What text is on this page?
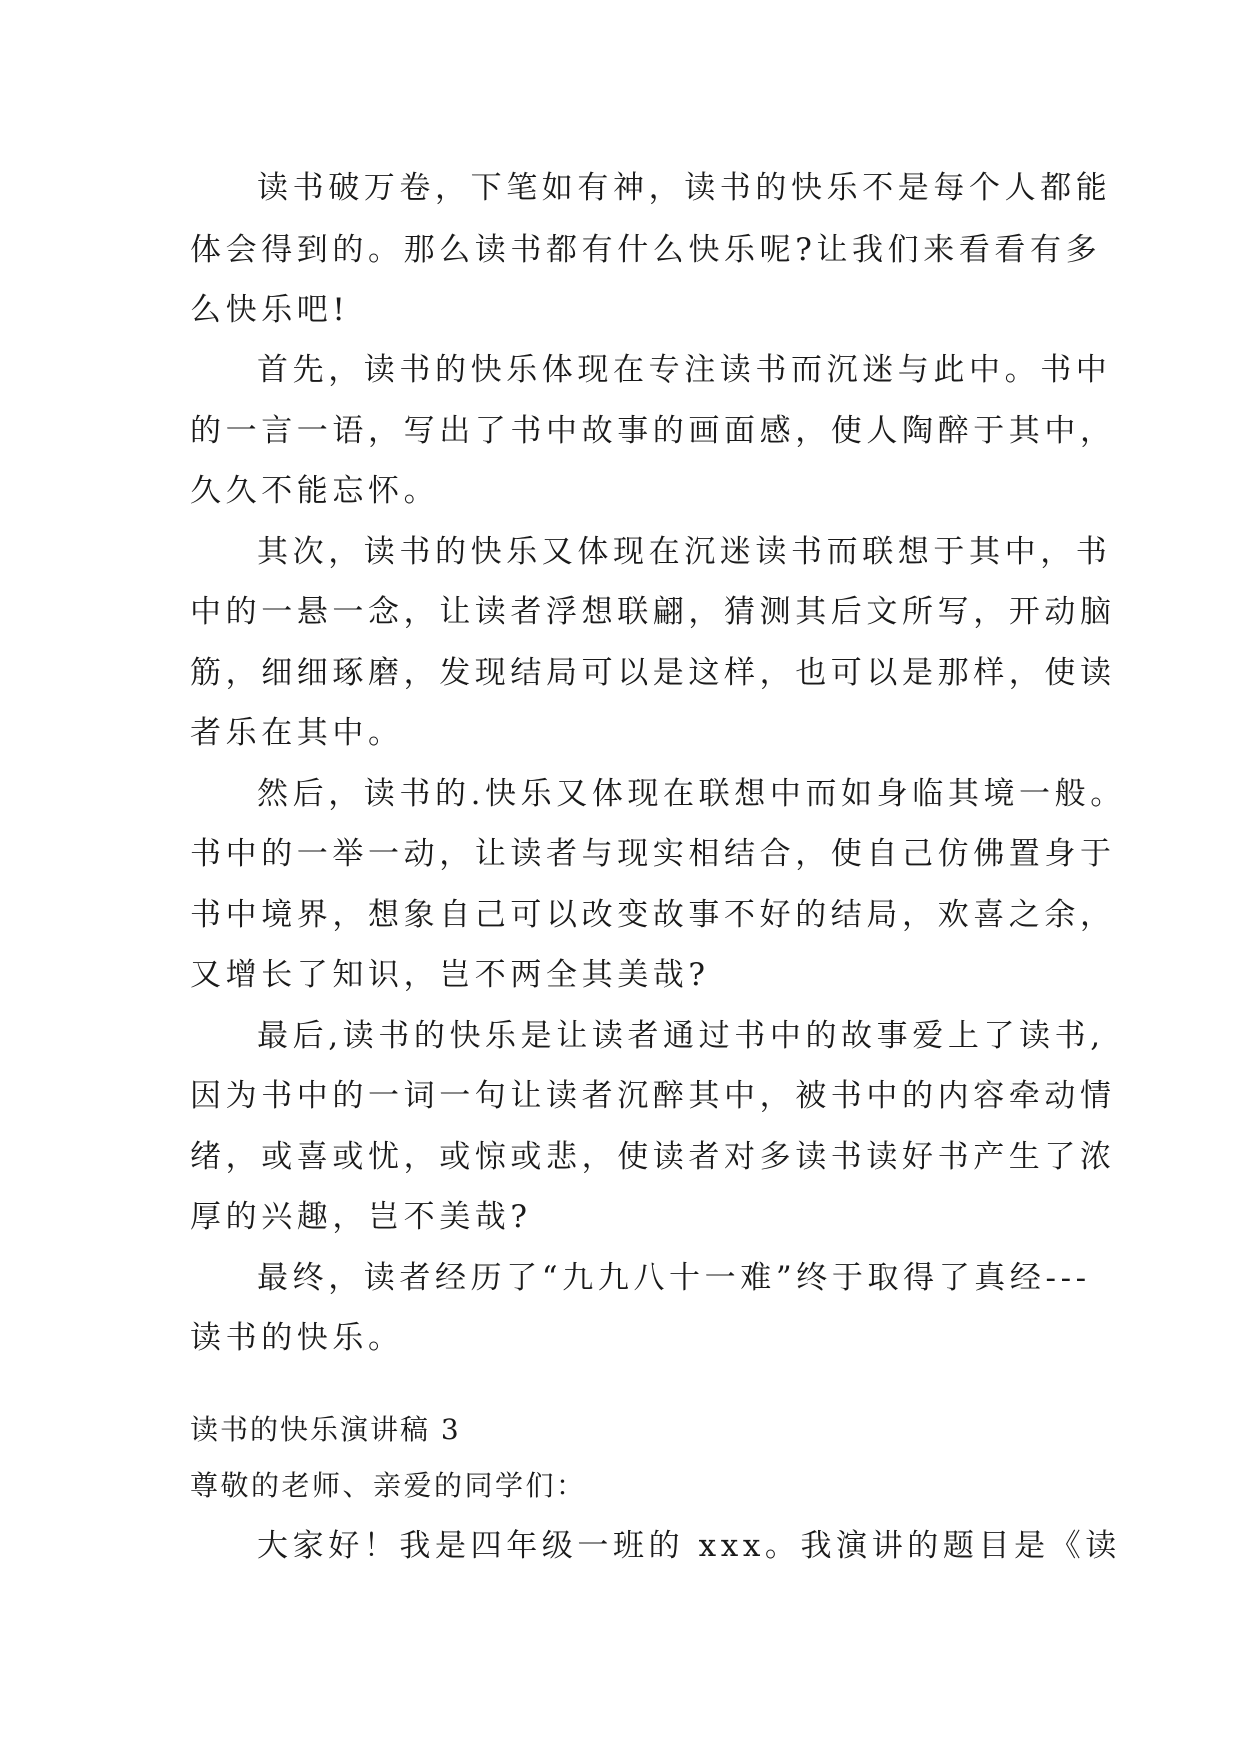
读书破万卷，下笔如有神，读书的快乐不是每个人都能
体会得到的。那么读书都有什么快乐呢?让我们来看看有多
么快乐吧!
首先，读书的快乐体现在专注读书而沉迷与此中。书中
的一言一语，写出了书中故事的画面感，使人陶醉于其中，
久久不能忘怀。
其次，读书的快乐又体现在沉迷读书而联想于其中，书
中的一悬一念，让读者浮想联翩，猜测其后文所写，开动脑
筋，细细琢磨，发现结局可以是这样，也可以是那样，使读
者乐在其中。
然后，读书的.快乐又体现在联想中而如身临其境一般。
书中的一举一动，让读者与现实相结合，使自己仿佛置身于
书中境界，想象自己可以改变故事不好的结局，欢喜之余，
又增长了知识，岂不两全其美哉?
最后,读书的快乐是让读者通过书中的故事爱上了读书,
因为书中的一词一句让读者沉醉其中，被书中的内容牵动情
绪，或喜或忧，或惊或悲，使读者对多读书读好书产生了浓
厚的兴趣，岂不美哉?
最终，读者经历了“九九八十一难”终于取得了真经---
读书的快乐。
读书的快乐演讲稿 3
尊敬的老师、亲爱的同学们：
大家好！我是四年级一班的 xxx。我演讲的题目是《读
